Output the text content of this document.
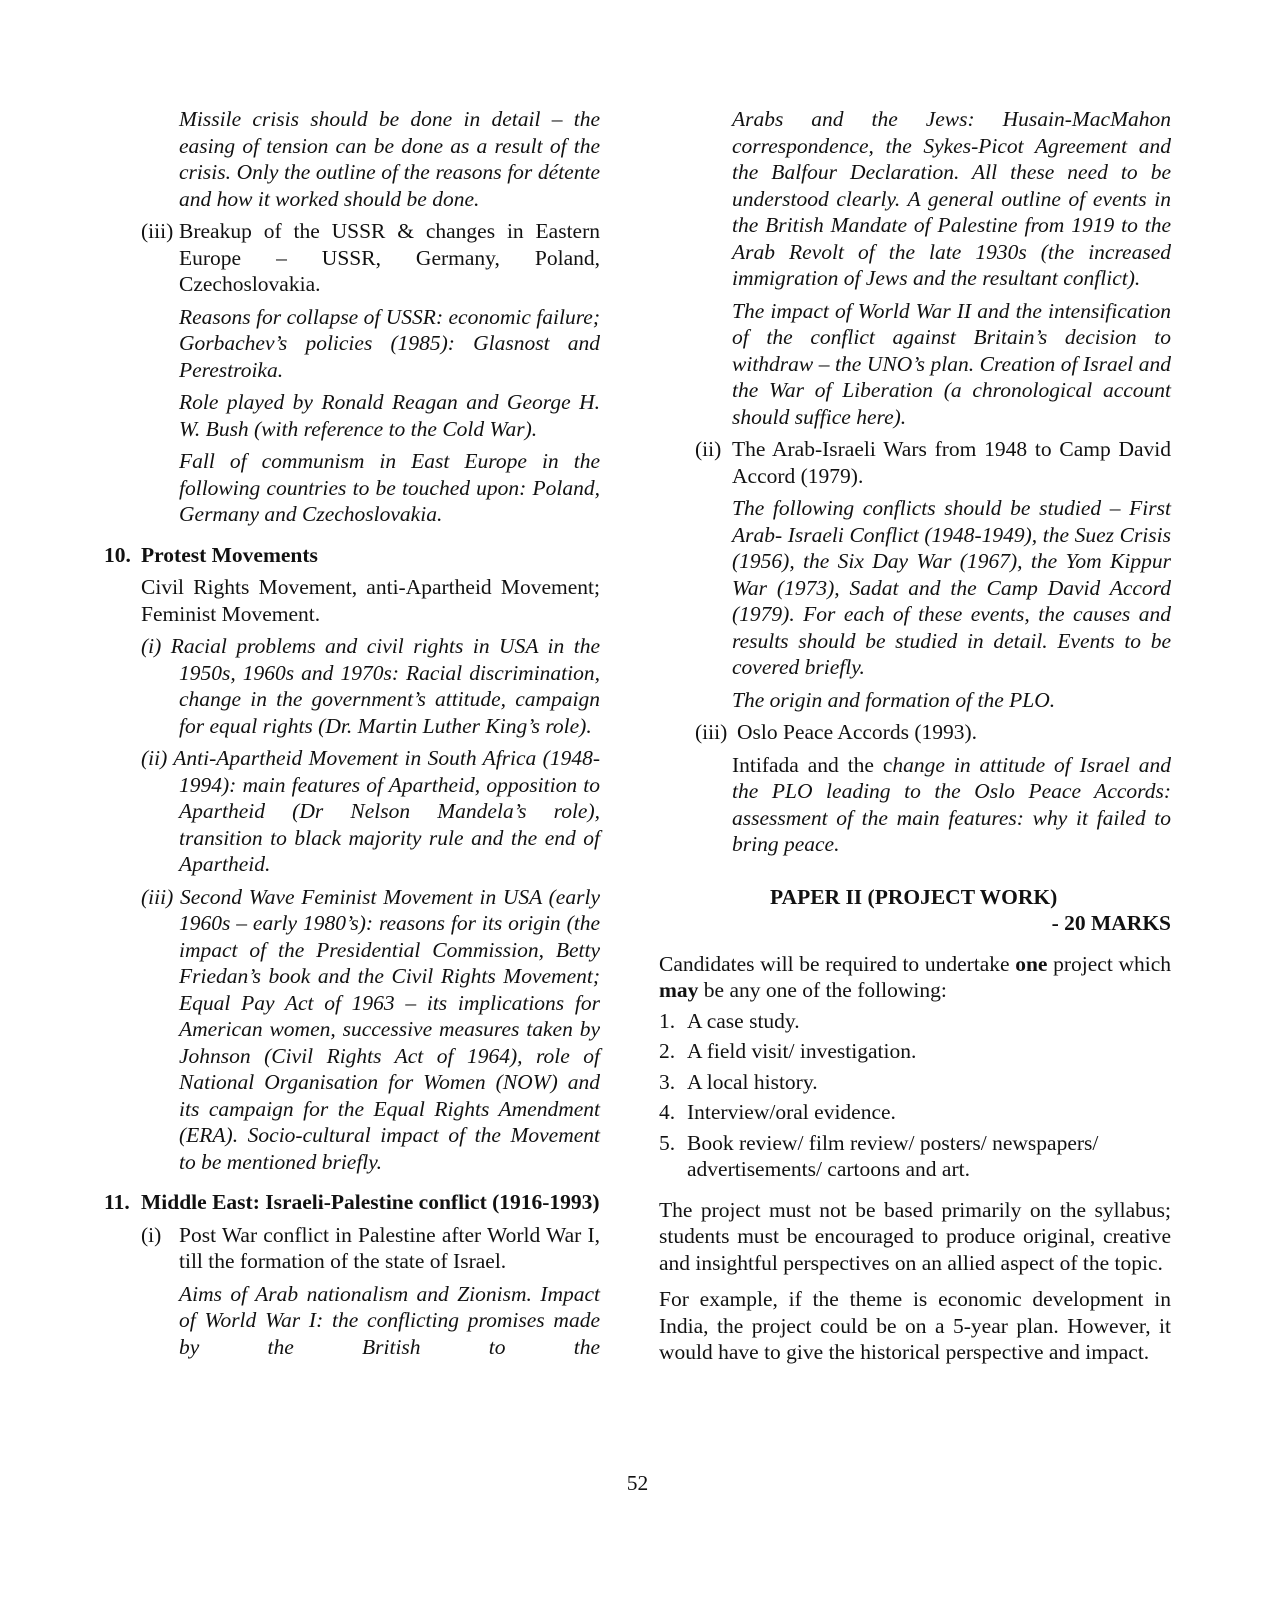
Missile crisis should be done in detail – the easing of tension can be done as a result of the crisis. Only the outline of the reasons for détente and how it worked should be done.

(iii) Breakup of the USSR & changes in Eastern Europe – USSR, Germany, Poland, Czechoslovakia.

Reasons for collapse of USSR: economic failure; Gorbachev’s policies (1985): Glasnost and Perestroika.

Role played by Ronald Reagan and George H. W. Bush (with reference to the Cold War).

Fall of communism in East Europe in the following countries to be touched upon: Poland, Germany and Czechoslovakia.

10. Protest Movements

Civil Rights Movement, anti-Apartheid Movement; Feminist Movement.

(i) Racial problems and civil rights in USA in the 1950s, 1960s and 1970s: Racial discrimination, change in the government’s attitude, campaign for equal rights (Dr. Martin Luther King’s role).

(ii) Anti-Apartheid Movement in South Africa (1948-1994): main features of Apartheid, opposition to Apartheid (Dr Nelson Mandela’s role), transition to black majority rule and the end of Apartheid.

(iii) Second Wave Feminist Movement in USA (early 1960s – early 1980’s): reasons for its origin (the impact of the Presidential Commission, Betty Friedan’s book and the Civil Rights Movement; Equal Pay Act of 1963 – its implications for American women, successive measures taken by Johnson (Civil Rights Act of 1964), role of National Organisation for Women (NOW) and its campaign for the Equal Rights Amendment (ERA). Socio-cultural impact of the Movement to be mentioned briefly.

11. Middle East: Israeli-Palestine conflict (1916-1993)

(i) Post War conflict in Palestine after World War I, till the formation of the state of Israel.

Aims of Arab nationalism and Zionism. Impact of World War I: the conflicting promises made by the British to the

Arabs and the Jews: Husain-MacMahon correspondence, the Sykes-Picot Agreement and the Balfour Declaration. All these need to be understood clearly. A general outline of events in the British Mandate of Palestine from 1919 to the Arab Revolt of the late 1930s (the increased immigration of Jews and the resultant conflict).

The impact of World War II and the intensification of the conflict against Britain’s decision to withdraw – the UNO’s plan. Creation of Israel and the War of Liberation (a chronological account should suffice here).

(ii) The Arab-Israeli Wars from 1948 to Camp David Accord (1979).

The following conflicts should be studied – First Arab- Israeli Conflict (1948-1949), the Suez Crisis (1956), the Six Day War (1967), the Yom Kippur War (1973), Sadat and the Camp David Accord (1979). For each of these events, the causes and results should be studied in detail. Events to be covered briefly.

The origin and formation of the PLO.

(iii) Oslo Peace Accords (1993).

Intifada and the change in attitude of Israel and the PLO leading to the Oslo Peace Accords: assessment of the main features: why it failed to bring peace.

PAPER II (PROJECT WORK)
- 20 MARKS

Candidates will be required to undertake one project which may be any one of the following:

1. A case study.
2. A field visit/ investigation.
3. A local history.
4. Interview/oral evidence.
5. Book review/ film review/ posters/ newspapers/ advertisements/ cartoons and art.

The project must not be based primarily on the syllabus; students must be encouraged to produce original, creative and insightful perspectives on an allied aspect of the topic.

For example, if the theme is economic development in India, the project could be on a 5-year plan. However, it would have to give the historical perspective and impact.

52
